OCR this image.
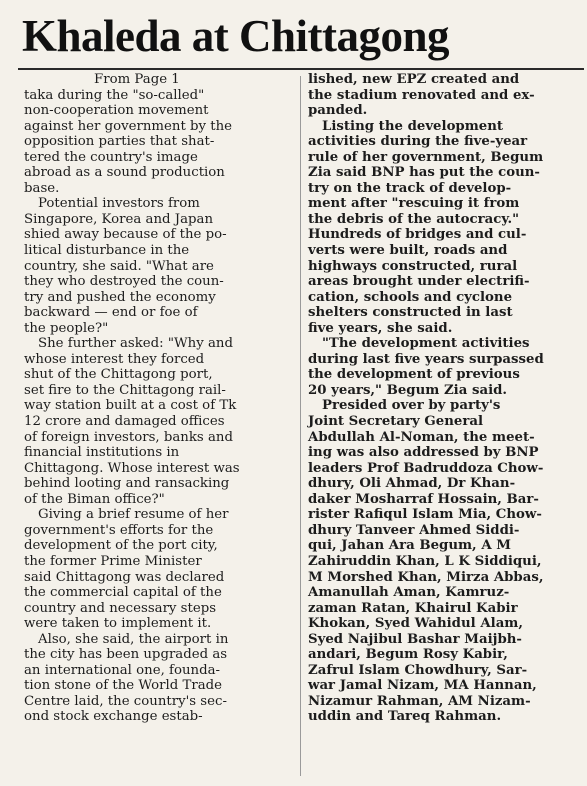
Khaleda at Chittagong
From Page 1
taka during the "so-called"
non-cooperation movement
against her government by the
opposition parties that shat-
tered the country's image
abroad as a sound production
base.
Potential investors from
Singapore, Korea and Japan
shied away because of the po-
litical disturbance in the
country, she said. "What are
they who destroyed the coun-
try and pushed the economy
backward — end or foe of
the people?"
She further asked: "Why and
whose interest they forced
shut of the Chittagong port,
set fire to the Chittagong rail-
way station built at a cost of Tk
12 crore and damaged offices
of foreign investors, banks and
financial institutions in
Chittagong. Whose interest was
behind looting and ransacking
of the Biman office?"
Giving a brief resume of her
government's efforts for the
development of the port city,
the former Prime Minister
said Chittagong was declared
the commercial capital of the
country and necessary steps
were taken to implement it.
Also, she said, the airport in
the city has been upgraded as
an international one, founda-
tion stone of the World Trade
Centre laid, the country's sec-
ond stock exchange estab-
lished, new EPZ created and
the stadium renovated and ex-
panded.
Listing the development
activities during the five-year
rule of her government, Begum
Zia said BNP has put the coun-
try on the track of develop-
ment after "rescuing it from
the debris of the autocracy."
Hundreds of bridges and cul-
verts were built, roads and
highways constructed, rural
areas brought under electrifi-
cation, schools and cyclone
shelters constructed in last
five years, she said.
"The development activities
during last five years surpassed
the development of previous
20 years," Begum Zia said.
Presided over by party's
Joint Secretary General
Abdullah Al-Noman, the meet-
ing was also addressed by BNP
leaders Prof Badruddoza Chow-
dhury, Oli Ahmad, Dr Khan-
daker Mosharraf Hossain, Bar-
rister Rafiqul Islam Mia, Chow-
dhury Tanveer Ahmed Siddi-
qui, Jahan Ara Begum, A M
Zahiruddin Khan, L K Siddiqui,
M Morshed Khan, Mirza Abbas,
Amanullah Aman, Kamruz-
zaman Ratan, Khairul Kabir
Khokan, Syed Wahidul Alam,
Syed Najibul Bashar Maijbh-
andari, Begum Rosy Kabir,
Zafrul Islam Chowdhury, Sar-
war Jamal Nizam, MA Hannan,
Nizamur Rahman, AM Nizam-
uddin and Tareq Rahman.
